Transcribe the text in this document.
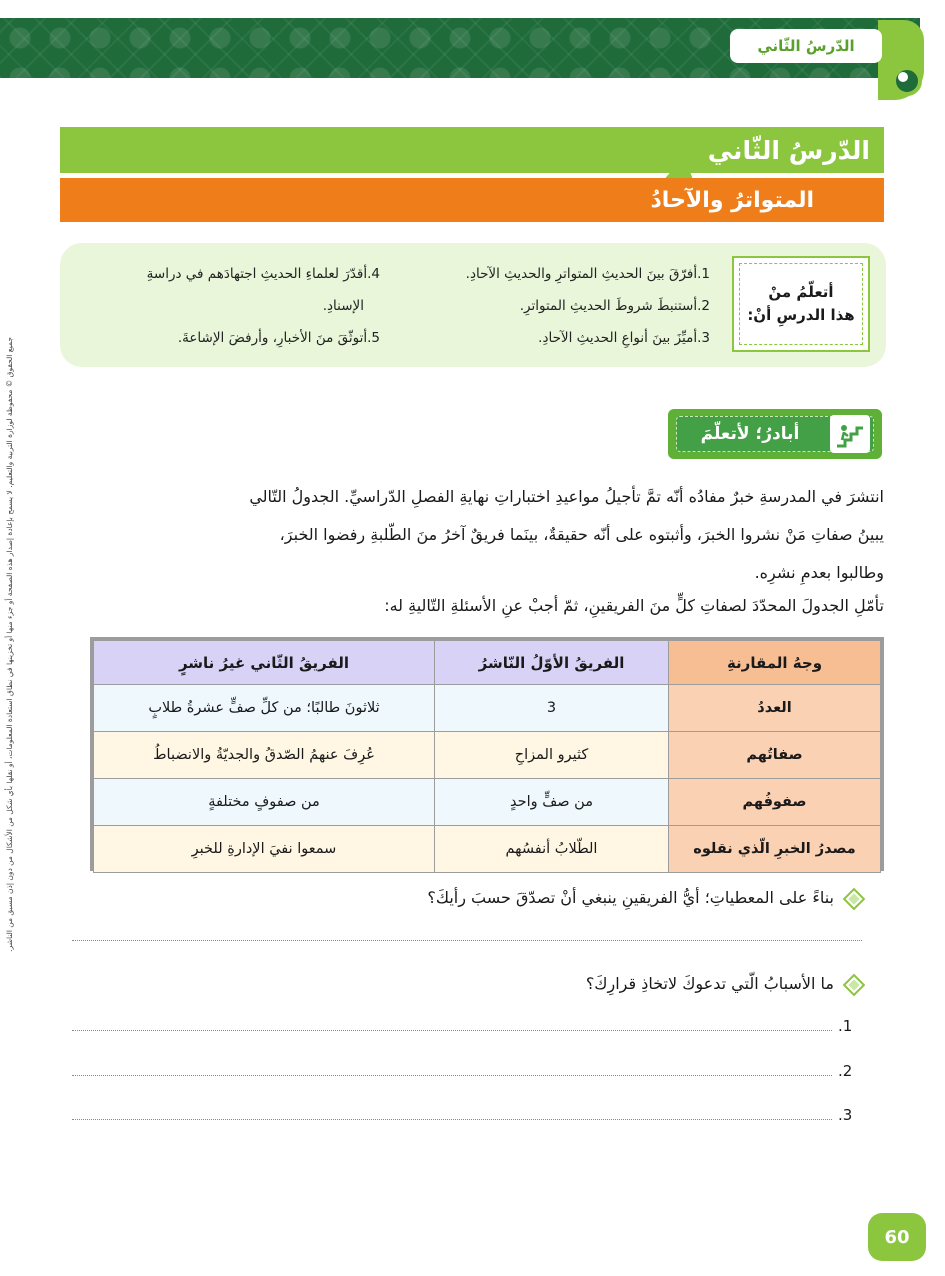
الدّرسُ الثّاني
جميع الحقوق © محفوظة لوزارة التربية والتعليم. لا يسمح بإعادة إصدار هذه الصفحة أو جزء منها أو تخزينها في نطاق استعادة المعلومات، أو نقلها بأي شكل من الأشكال من دون إذن مسبق من الناشر.
الدّرسُ الثّاني
المتواترُ والآحادُ
أتعلّمُ منْ
هذا الدرسِ أنْ:
1.أفرّقَ بينَ الحديثِ المتواترِ والحديثِ الآحادِ.
2.أستنبطَ شروطَ الحديثِ المتواترِ.
3.أميِّزَ بينَ أنواعِ الحديثِ الآحادِ.
4.أقدّرَ لعلماءِ الحديثِ اجتهادَهم في دراسةِ
الإسنادِ.
5.أتوثّقَ منَ الأخبارِ، وأرفضَ الإشاعةَ.
أبادرُ؛ لأتعلّمَ
انتشرَ في المدرسةِ خبرٌ مفادُه أنّه تمَّ تأجيلُ مواعيدِ اختباراتِ نهايةِ الفصلِ الدّراسيِّ. الجدولُ التّالي
يبينُ صفاتِ مَنْ نشروا الخبرَ، وأثبتوه على أنّه حقيقةٌ، بينَما فريقٌ آخرُ منَ الطّلبةِ رفضوا الخبرَ،
وطالبوا بعدمِ نشرِه.
تأمّلِ الجدولَ المحدّدَ لصفاتِ كلٍّ منَ الفريقينِ، ثمّ أجبْ عنِ الأسئلةِ التّاليةِ له:
وجهُ المقارنةِ	الفريقُ الأوّلُ النّاشرُ	الفريقُ الثّاني غيرُ ناشرٍ
العددُ	3	ثلاثونَ طالبًا؛ من كلِّ صفٍّ عشرةُ طلابٍ
صفاتُهم	كثيرو المزاحِ	عُرِفَ عنهمُ الصّدقُ والجديّةُ والانضباطُ
صفوفُهم	من صفٍّ واحدٍ	من صفوفٍ مختلفةٍ
مصدرُ الخبرِ الّذي نقلوه	الطّلابُ أنفسُهم	سمعوا نفيَ الإدارةِ للخبرِ
بناءً على المعطياتِ؛ أيُّ الفريقينِ ينبغي أنْ تصدّقَ حسبَ رأيكَ؟
ما الأسبابُ الّتي تدعوكَ لاتخاذِ قرارِكَ؟
1.
2.
3.
60
